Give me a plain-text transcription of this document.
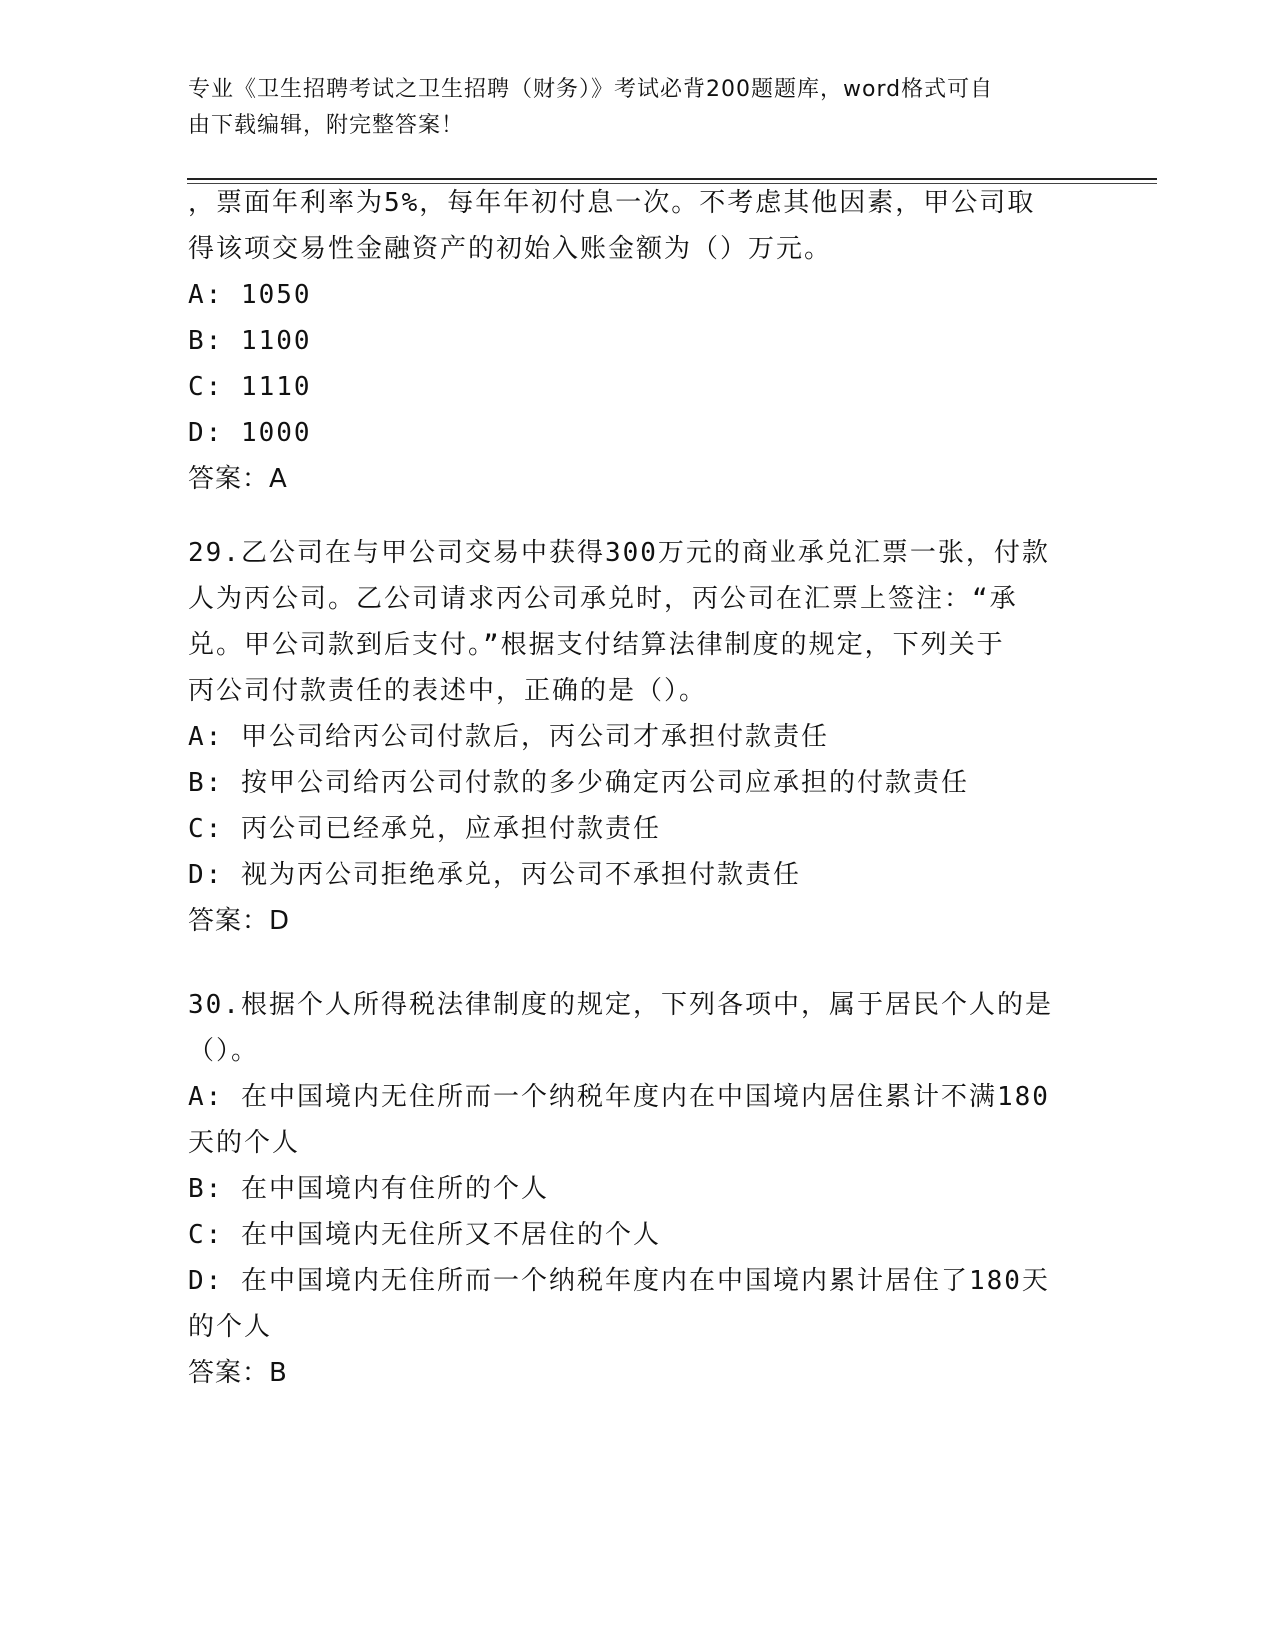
专业《卫生招聘考试之卫生招聘（财务）》考试必背200题题库，word格式可自
由下载编辑，附完整答案！
，票面年利率为5%，每年年初付息一次。不考虑其他因素，甲公司取
得该项交易性金融资产的初始入账金额为（）万元。
A: 1050
B: 1100
C: 1110
D: 1000
答案：A
29.乙公司在与甲公司交易中获得300万元的商业承兑汇票一张，付款
人为丙公司。乙公司请求丙公司承兑时，丙公司在汇票上签注：“承
兑。甲公司款到后支付。”根据支付结算法律制度的规定，下列关于
丙公司付款责任的表述中，正确的是（）。
A: 甲公司给丙公司付款后，丙公司才承担付款责任
B: 按甲公司给丙公司付款的多少确定丙公司应承担的付款责任
C: 丙公司已经承兑，应承担付款责任
D: 视为丙公司拒绝承兑，丙公司不承担付款责任
答案：D
30.根据个人所得税法律制度的规定，下列各项中，属于居民个人的是
（）。
A: 在中国境内无住所而一个纳税年度内在中国境内居住累计不满180
天的个人
B: 在中国境内有住所的个人
C: 在中国境内无住所又不居住的个人
D: 在中国境内无住所而一个纳税年度内在中国境内累计居住了180天
的个人
答案：B
